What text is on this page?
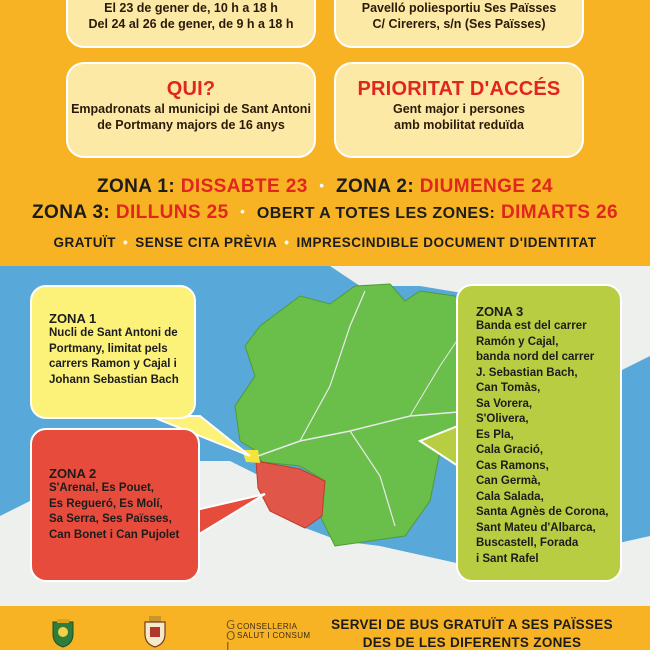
El 23 de gener de, 10 h a 18 h
Del 24 al 26 de gener, de 9 h a 18 h
Pavelló poliesportiu Ses Païsses
C/ Cirerers, s/n (Ses Païsses)
QUI?
Empadronats al municipi de Sant Antoni
de Portmany majors de 16 anys
PRIORITAT D'ACCÉS
Gent major i persones
amb mobilitat reduïda
ZONA 1: DISSABTE 23 • ZONA 2: DIUMENGE 24
ZONA 3: DILLUNS 25 • OBERT A TOTES LES ZONES: DIMARTS 26
GRATUÏT • SENSE CITA PRÈVIA • IMPRESCINDIBLE DOCUMENT D'IDENTITAT
ZONA 1
Nucli de Sant Antoni de
Portmany, limitat pels
carrers Ramon y Cajal i
Johann Sebastian Bach
ZONA 2
S'Arenal, Es Pouet,
Es Regueró, Es Molí,
Sa Serra, Ses Païsses,
Can Bonet i Can Pujolet
ZONA 3
Banda est del carrer
Ramón y Cajal,
banda nord del carrer
J. Sebastian Bach,
Can Tomàs,
Sa Vorera,
S'Olivera,
Es Pla,
Cala Gració,
Cas Ramons,
Can Germà,
Cala Salada,
Santa Agnès de Corona,
Sant Mateu d'Albarca,
Buscastell, Forada
i Sant Rafel
G
O
I
CONSELLERIA
SALUT I CONSUM
SERVEI DE BUS GRATUÏT A SES PAÏSSES
DES DE LES DIFERENTS ZONES
